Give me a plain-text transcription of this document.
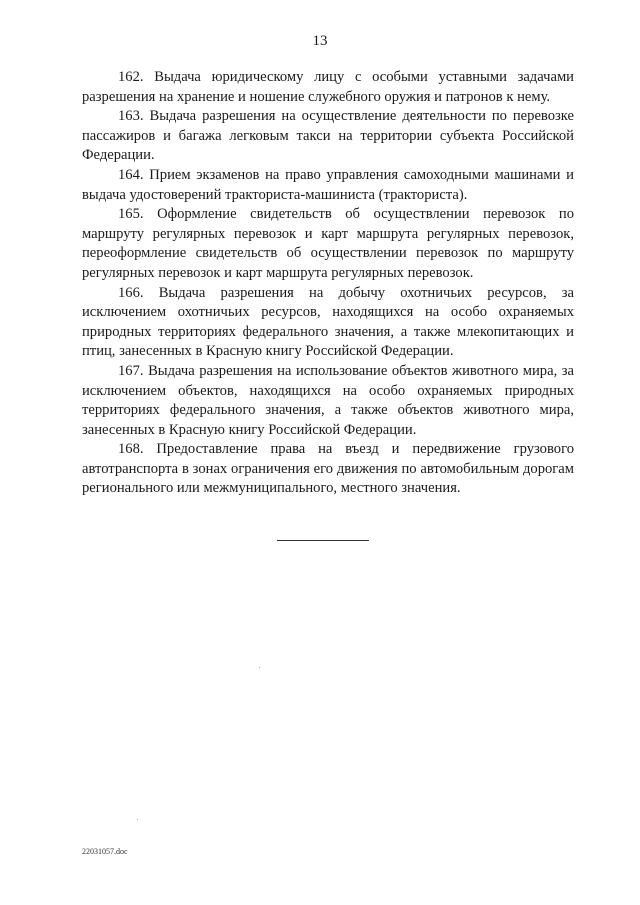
13

162. Выдача юридическому лицу с особыми уставными задачами разрешения на хранение и ношение служебного оружия и патронов к нему.

163. Выдача разрешения на осуществление деятельности по перевозке пассажиров и багажа легковым такси на территории субъекта Российской Федерации.

164. Прием экзаменов на право управления самоходными машинами и выдача удостоверений тракториста-машиниста (тракториста).

165. Оформление свидетельств об осуществлении перевозок по маршруту регулярных перевозок и карт маршрута регулярных перевозок, переоформление свидетельств об осуществлении перевозок по маршруту регулярных перевозок и карт маршрута регулярных перевозок.

166. Выдача разрешения на добычу охотничьих ресурсов, за исключением охотничьих ресурсов, находящихся на особо охраняемых природных территориях федерального значения, а также млекопитающих и птиц, занесенных в Красную книгу Российской Федерации.

167. Выдача разрешения на использование объектов животного мира, за исключением объектов, находящихся на особо охраняемых природных территориях федерального значения, а также объектов животного мира, занесенных в Красную книгу Российской Федерации.

168. Предоставление права на въезд и передвижение грузового автотранспорта в зонах ограничения его движения по автомобильным дорогам регионального или межмуниципального, местного значения.

22031057.doc
